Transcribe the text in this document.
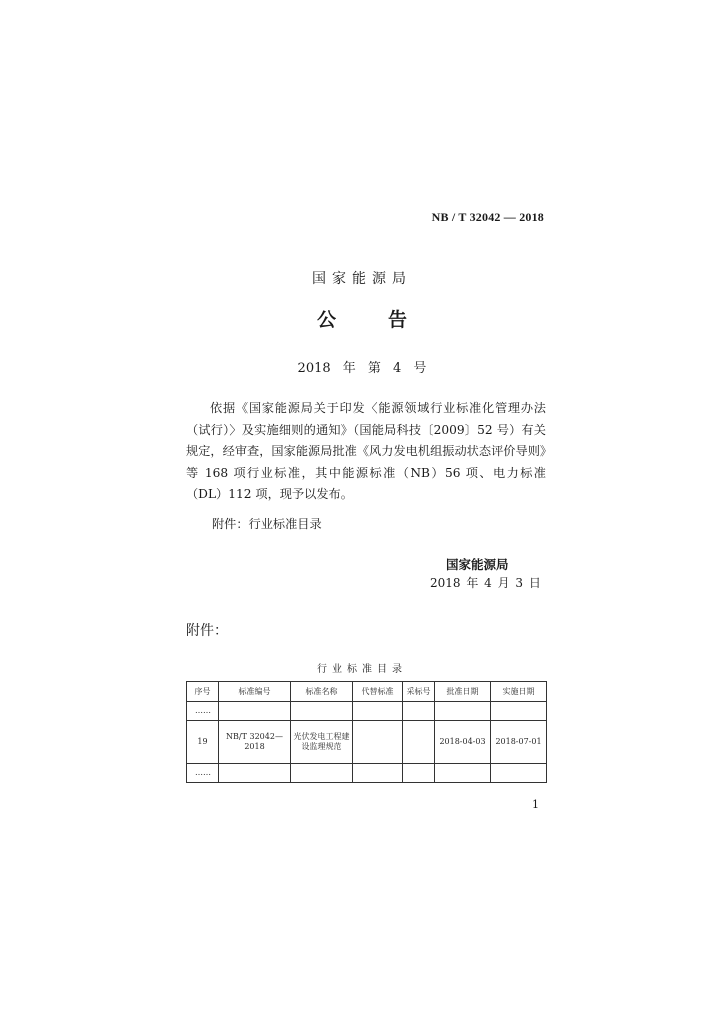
NB / T 32042 — 2018
国家能源局
公告
2018 年 第 4 号
依据《国家能源局关于印发〈能源领域行业标准化管理办法（试行）〉及实施细则的通知》（国能局科技〔2009〕52 号）有关规定，经审查，国家能源局批准《风力发电机组振动状态评价导则》等 168 项行业标准，其中能源标准（NB）56 项、电力标准（DL）112 项，现予以发布。
附件：行业标准目录
国家能源局
2018 年 4 月 3 日
附件：
行业标准目录
序号	标准编号	标准名称	代替标准	采标号	批准日期	实施日期
……						
19	NB/T 32042—2018	光伏发电工程建设监理规范			2018-04-03	2018-07-01
……						
1
